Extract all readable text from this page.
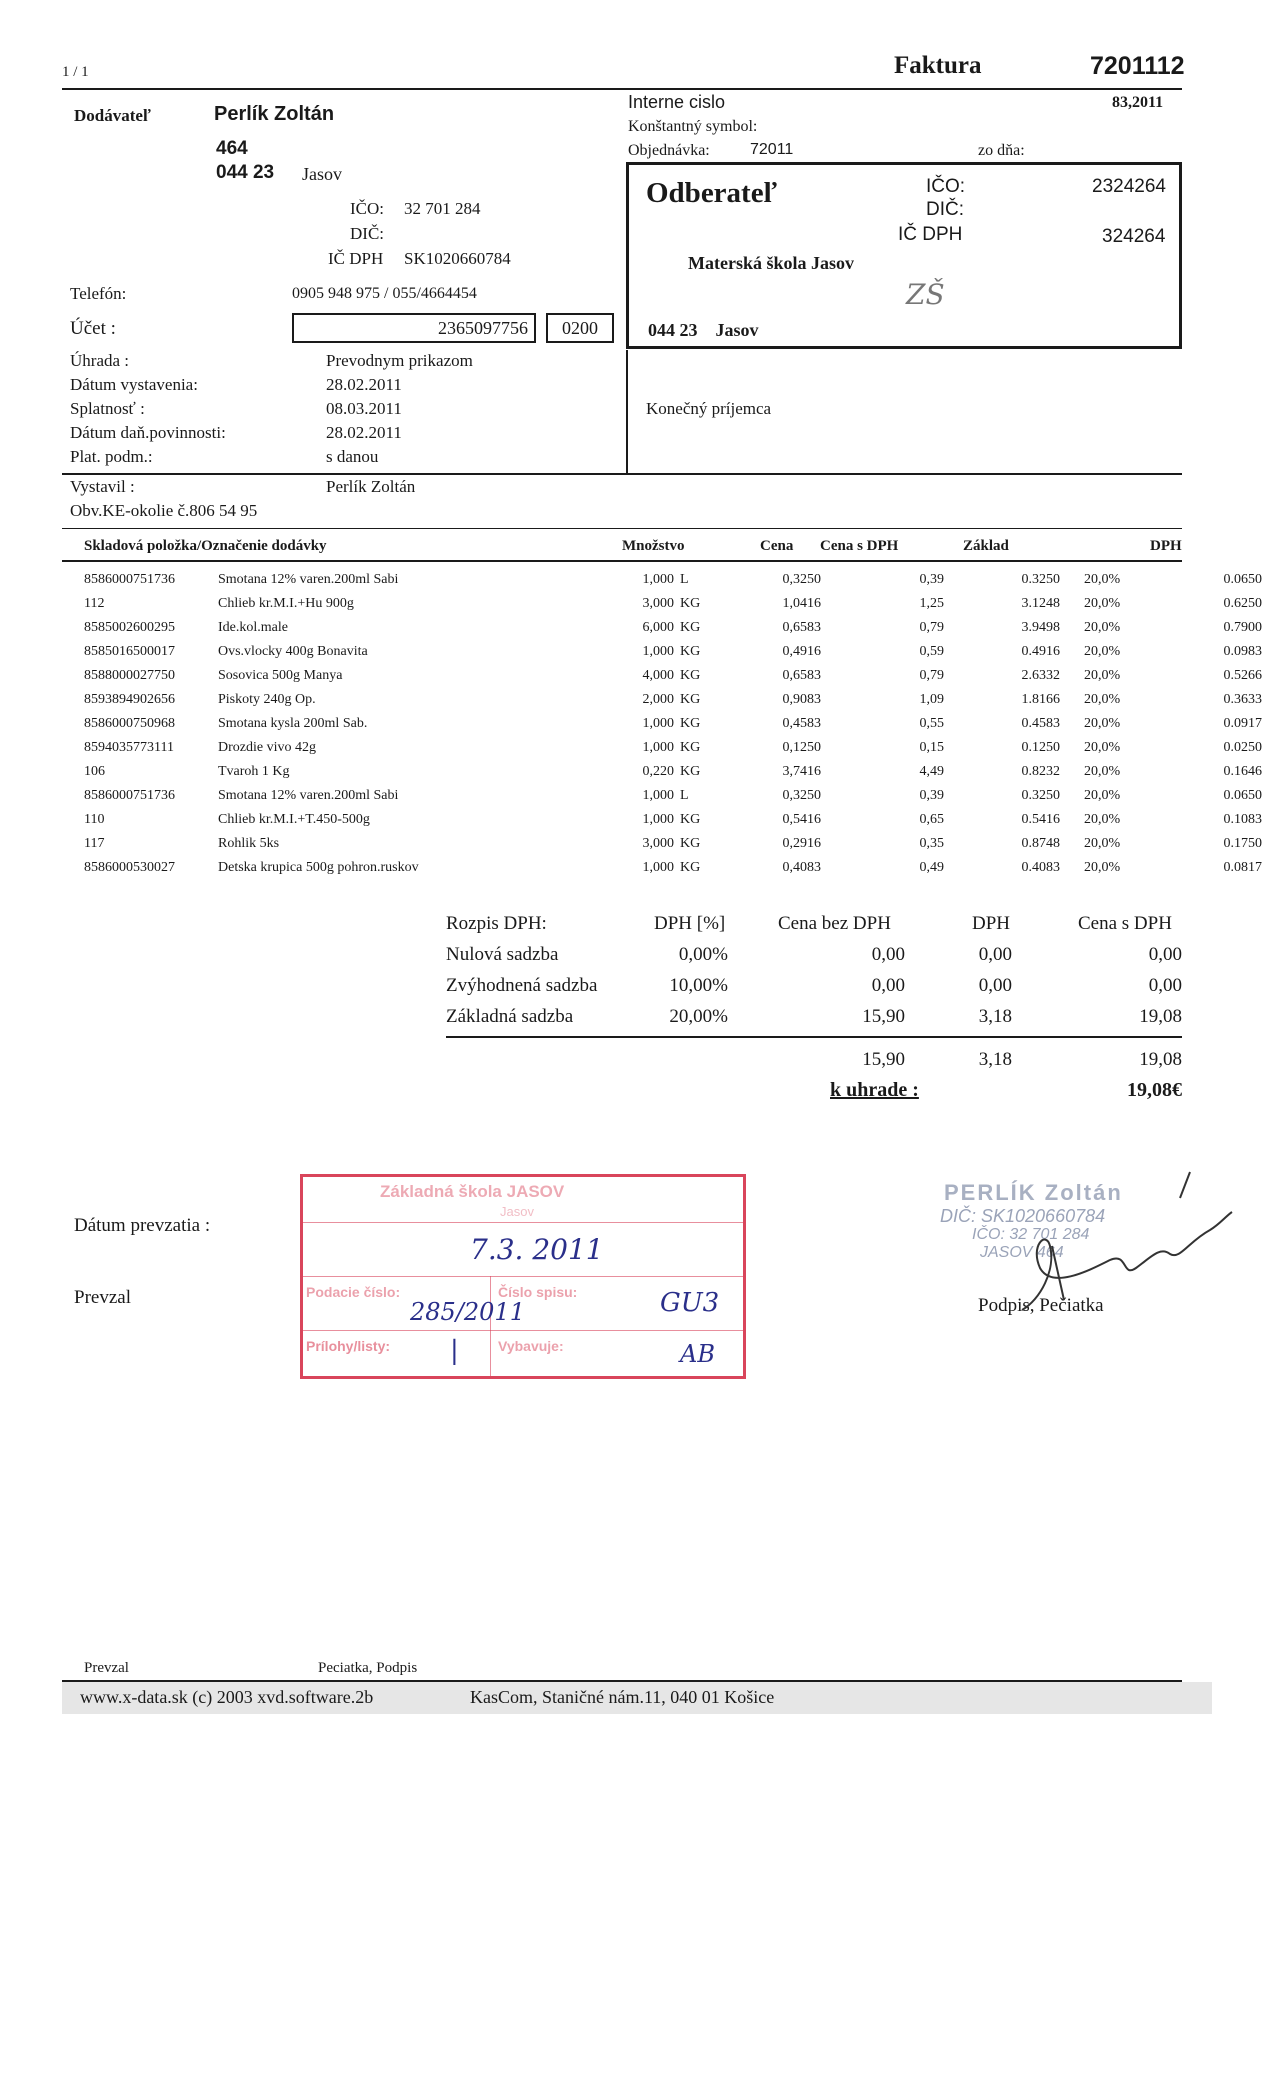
1 / 1	Faktura	7201112
Dodávateľ	Perlík Zoltán
464
044 23 Jasov
IČO: 32 701 284
DIČ:
IČ DPH SK1020660784
Telefón:	0905 948 975 / 055/4664454
Účet :	2365097756 0200
Interne cislo	83,2011
Konštantný symbol:
Objednávka:	72011	zo dňa:
Odberateľ	IČO:	2324264
DIČ:
IČ DPH	324264
Materská škola Jasov
ZŠ
044 23    Jasov
Úhrada :	Prevodnym prikazom
Dátum vystavenia:	28.02.2011
Splatnosť :	08.03.2011	Konečný príjemca
Dátum daň.povinnosti:	28.02.2011
Plat. podm.:	s danou
Vystavil :	Perlík Zoltán
Obv.KE-okolie č.806 54 95
Skladová položka/Označenie dodávky	Množstvo	Cena Cena s DPH	Základ	DPH
8586000751736	Smotana 12% varen.200ml Sabi	1,000 L	0,3250	0,39	0.3250 20,0%	0.0650
112	Chlieb kr.M.I.+Hu 900g	3,000 KG	1,0416	1,25	3.1248 20,0%	0.6250
8585002600295	Ide.kol.male	6,000 KG	0,6583	0,79	3.9498 20,0%	0.7900
8585016500017	Ovs.vlocky 400g Bonavita	1,000 KG	0,4916	0,59	0.4916 20,0%	0.0983
8588000027750	Sosovica 500g Manya	4,000 KG	0,6583	0,79	2.6332 20,0%	0.5266
8593894902656	Piskoty 240g Op.	2,000 KG	0,9083	1,09	1.8166 20,0%	0.3633
8586000750968	Smotana kysla 200ml Sab.	1,000 KG	0,4583	0,55	0.4583 20,0%	0.0917
8594035773111	Drozdie vivo 42g	1,000 KG	0,1250	0,15	0.1250 20,0%	0.0250
106	Tvaroh 1 Kg	0,220 KG	3,7416	4,49	0.8232 20,0%	0.1646
8586000751736	Smotana 12% varen.200ml Sabi	1,000 L	0,3250	0,39	0.3250 20,0%	0.0650
110	Chlieb kr.M.I.+T.450-500g	1,000 KG	0,5416	0,65	0.5416 20,0%	0.1083
117	Rohlik 5ks	3,000 KG	0,2916	0,35	0.8748 20,0%	0.1750
8586000530027	Detska krupica 500g pohron.ruskov	1,000 KG	0,4083	0,49	0.4083 20,0%	0.0817
Rozpis DPH:	DPH [%]	Cena bez DPH	DPH	Cena s DPH
Nulová sadzba	0,00%	0,00	0,00	0,00
Zvýhodnená sadzba	10,00%	0,00	0,00	0,00
Základná sadzba	20,00%	15,90	3,18	19,08
15,90	3,18	19,08
k uhrade :	19,08€
Dátum prevzatia :
Prevzal	Podpis, Pečiatka
Základná škola JASOV
Jasov
7.3. 2011
Podacie číslo:	Číslo spisu:
Prílohy/listy:	Vybavuje:
285/2011	GU3
AB
|
PERLÍK Zoltán
DIČ: SK1020660784
IČO: 32 701 284
JASOV 464
Prevzal	Peciatka, Podpis
www.x-data.sk (c) 2003 xvd.software.2b	KasCom, Staničné nám.11, 040 01 Košice
